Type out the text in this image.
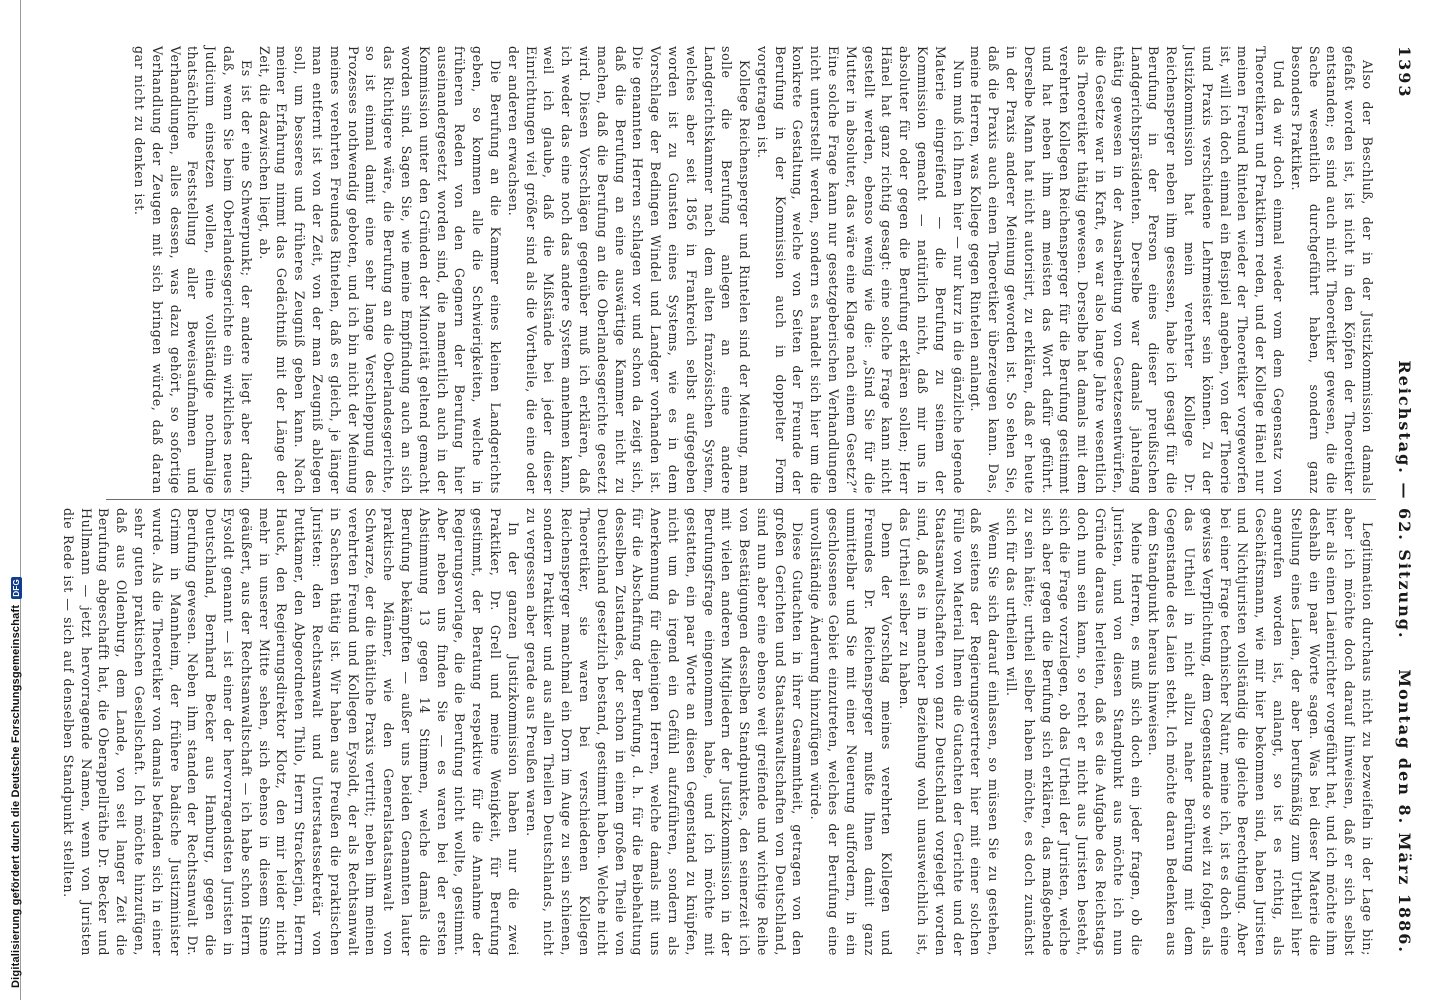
Digitalisierung gefördert durch die Deutsche Forschungsgemeinschaft
DFG
1393
Reichstag. — 62. Sitzung.
Montag den 8. März 1886.

Also der Beschluß, der in der Justizkommission damals gefaßt worden ist, ist nicht in den Köpfen der Theoretiker entstanden; es sind auch nicht Theoretiker gewesen, die die Sache wesentlich durchgeführt haben, sondern ganz besonders Praktiker.

Und da wir doch einmal wieder vom dem Gegensatz von Theoretikern und Praktikern reden, und der Kollege Hänel nur meinen Freund Rintelen wieder der Theoretiker vorgeworfen ist, will ich doch einmal ein Beispiel angeben, von der Theorie und Praxis verschiedene Lehrmeister sein können. Zu der Justizkommission hat mein verehrter Kollege Dr. Reichensperger neben ihm gesessen, habe ich gesagt für die Berufung in der Person eines dieser preußischen Landgerichtspräsidenten. Derselbe war damals jahrelang thätig gewesen in der Ausarbeitung von Gesetzesentwürfen, die Gesetze war in Kraft, es war also lange Jahre wesentlich als Theoretiker thätig gewesen. Derselbe hat damals mit dem verehrten Kollegen Reichensperger für die Berufung gestimmt und hat neben ihm am meisten das Wort dafür geführt. Derselbe Mann hat nicht autorisirt, zu erklären, daß er heute in der Praxis anderer Meinung geworden ist. So sehen Sie, daß die Praxis auch einen Theoretiker überzeugen kann. Das, meine Herren, was Kollege gegen Rintelen anlangt.

Nun muß ich Ihnen hier — nur kurz in die gänzliche legende Materie eingreifend — die Berufung zu seinem der Kommission gemacht — natürlich nicht, daß mir uns in absoluter für oder gegen die Berufung erklären sollen; Herr Hänel hat ganz richtig gesagt: eine solche Frage kann nicht gestellt werden, ebenso wenig wie die: „Sind Sie für die Mutter in absoluter, das wäre eine Klage nach einem Gesetz?“ Eine solche Frage kann nur gesetzgeberischen Verhandlungen nicht unterstellt werden, sondern es handelt sich hier um die konkrete Gestaltung, welche von Seiten der Freunde der Berufung in der Kommission auch in doppelter Form vorgetragen ist.

Kollege Reichensperger und Rintelen sind der Meinung, man solle die Berufung anlegen an eine andere Landgerichtskammer nach dem alten französischen System, welches aber seit 1856 in Frankreich selbst aufgegeben worden ist zu Gunsten eines Systems, wie es in dem Vorschlage der Bedingen Windel und Landger vorhanden ist. Die genannten Herren schlagen vor und schon da zeigt sich, daß die Berufung an eine auswärtige Kammer nicht zu machen, daß die Berufung an die Oberlandesgerichte gesetzt wird. Diesen Vorschlägen gegenüber muß ich erklären, daß ich weder das eine noch das andere System annehmen kann, weil ich glaube, daß die Mißstände bei jeder dieser Einrichtungen viel größer sind als die Vortheile, die eine oder der anderen erwachsen.

Die Berufung an die Kammer eines kleinen Landgerichts geben, so kommen alle die Schwierigkeiten, welche in früheren Reden von den Gegnern der Berufung hier auseinandergesetzt worden sind, die namentlich auch in der Kommission unter den Gründen der Minorität geltend gemacht worden sind. Sagen Sie, wie meine Empfindung auch an sich das Richtigere wäre, die Berufung an die Oberlandesgerichte, so ist einmal damit eine sehr lange Verschleppung des Prozesses nothwendig geboten, und ich bin nicht der Meinung meines verehrten Freundes Rintelen, daß es gleich, je länger man entfernt ist von der Zeit, von der man Zeugniß ablegen soll, um besseres und früheres Zeugniß geben kann. Nach meiner Erfahrung nimmt das Gedächtniß mit der Länge der Zeit, die dazwischen liegt, ab.

Es ist der eine Schwerpunkt; der andere liegt aber darin, daß, wenn Sie beim Oberlandesgerichte ein wirkliches neues Judicium einsetzen wollen, eine vollständige nochmalige thatsächliche Feststellung aller Beweisaufnahmen und Verhandlungen, alles dessen, was dazu gehört, so sofortige Verhandlung der Zeugen mit sich bringen würde, daß daran gar nicht zu denken ist.

Legitimation durchaus nicht zu bezweifeln in der Lage bin; aber ich möchte doch darauf hinweisen, daß er sich selbst hier als einen Laienrichter vorgeführt hat, und ich möchte ihm deshalb ein paar Worte sagen. Was bei dieser Materie die Stellung eines Laien, der aber berufsmäßig zum Urtheil hier angerufen worden ist, anlangt, so ist es richtig, als Geschäftsmann, wie mir hier bekommen sind, haben Juristen und Nichtjuristen vollständig die gleiche Berechtigung. Aber bei einer Frage technischer Natur, meine ich, ist es doch eine gewisse Verpflichtung, dem Gegenstande so weit zu folgen, als das Urtheil in nicht allzu naher Berührung mit dem Gegenstande des Laien steht. Ich möchte daran Bedenken aus dem Standpunkt heraus hinweisen.

Meine Herren, es muß sich doch ein jeder fragen, ob die Juristen, und von diesen Standpunkt aus möchte ich nun Gründe daraus herleiten, daß es die Aufgabe des Reichstags doch nun sein kann, so recht er nicht aus Juristen besteht, sich die Frage vorzulegen, ob das Urtheil der Juristen, welche sich aber gegen die Berufung sich erklären, das maßgebende zu sein hätte; urtheil selber haben möchte, es doch zunächst sich für das urtheilen will.

Wenn Sie sich darauf einlassen, so müssen Sie zu gestehen, daß seitens der Regierungsvertreter hier mit einer solchen Fülle von Material Ihnen die Gutachten der Gerichte und der Staatsanwaltschaften von ganz Deutschland vorgelegt worden sind, daß es in mancher Beziehung wohl unausweichlich ist, das Urtheil selber zu haben.

Denn der Vorschlag meines verehrten Kollegen und Freundes Dr. Reichensperger mußte Ihnen damit ganz unmittelbar und Sie mit einer Neuerung auffordern, in ein geschlossenes Gebiet einzutreten, welches der Berufung eine unvollständige Änderung hinzufügen würde.

Diese Gutachten in ihrer Gesammtheit, getragen von den großen Gerichten und Staatsanwaltschaften von Deutschland, sind nun aber eine ebenso weit greifende und wichtige Reihe von Bestätigungen desselben Standpunktes, den seinerzeit ich mit vielen anderen Mitgliedern der Justizkommission in der Berufungsfrage eingenommen habe, und ich möchte mit gestatten, ein paar Worte an diesen Gegenstand zu knüpfen, nicht um da irgend ein Gefühl aufzuführen, sondern als Anerkennung für diejenigen Herren, welche damals mit uns für die Abschaffung der Berufung, d. h. für die Beibehaltung desselben Zustandes, der schon in einem großen Theile von Deutschland gesetzlich bestand, gestimmt haben. Welche nicht Theoretiker, sie waren bei verschiedenen Kollegen Reichensperger manchmal ein Dorn im Auge zu sein schienen, sondern Praktiker und aus allen Theilen Deutschlands, nicht zu vergessen aber gerade aus Preußen waren.

In der ganzen Justizkommission haben nur die zwei Praktiker, Dr. Grell und meine Wenigkeit, für Berufung gestimmt, der Beratung respektive für die Annahme der Regierungsvorlage, die die Berufung nicht wollte, gestimmt. Aber neben uns finden Sie — es waren bei der ersten Abstimmung 13 gegen 14 Stimmen, welche damals die Berufung bekämpften — außer uns beiden Genannten lauter praktische Männer, wie den Generalstaatsanwalt von Schwarze, der die thätliche Praxis vertritt; neben ihm meinen verehrten Freund und Kollegen Eysoldt, der als Rechtsanwalt in Sachsen thätig ist. Wir haben aus Preußen die praktischen Juristen: den Rechtsanwalt und Unterstaatssekretär von Puttkamer, den Abgeordneten Thilo, Herrn Strackerjan, Herrn Hauck, den Regierungsdirektor Klotz, den mir leider nicht mehr in unserer Mitte sehen, sich ebenso in diesem Sinne geäußert, aus der Rechtsanwaltschaft — ich habe schon Herrn Eysoldt genannt — ist einer der hervorragendsten Juristen in Deutschland, Bernhard Becker aus Hamburg, gegen die Berufung gewesen. Neben ihm standen der Rechtsanwalt Dr. Grimm in Mannheim, der frühere badische Justizminister wurde. Als die Theoretiker von damals befanden sich in einer sehr guten praktischen Gesellschaft. Ich möchte hinzufügen, daß aus Oldenburg, dem Lande, von seit langer Zeit die Berufung abgeschafft hat, die Oberappellräthe Dr. Becker und Hullmann — jetzt hervorragende Namen, wenn von Juristen die Rede ist — sich auf denselben Standpunkt stellten.
